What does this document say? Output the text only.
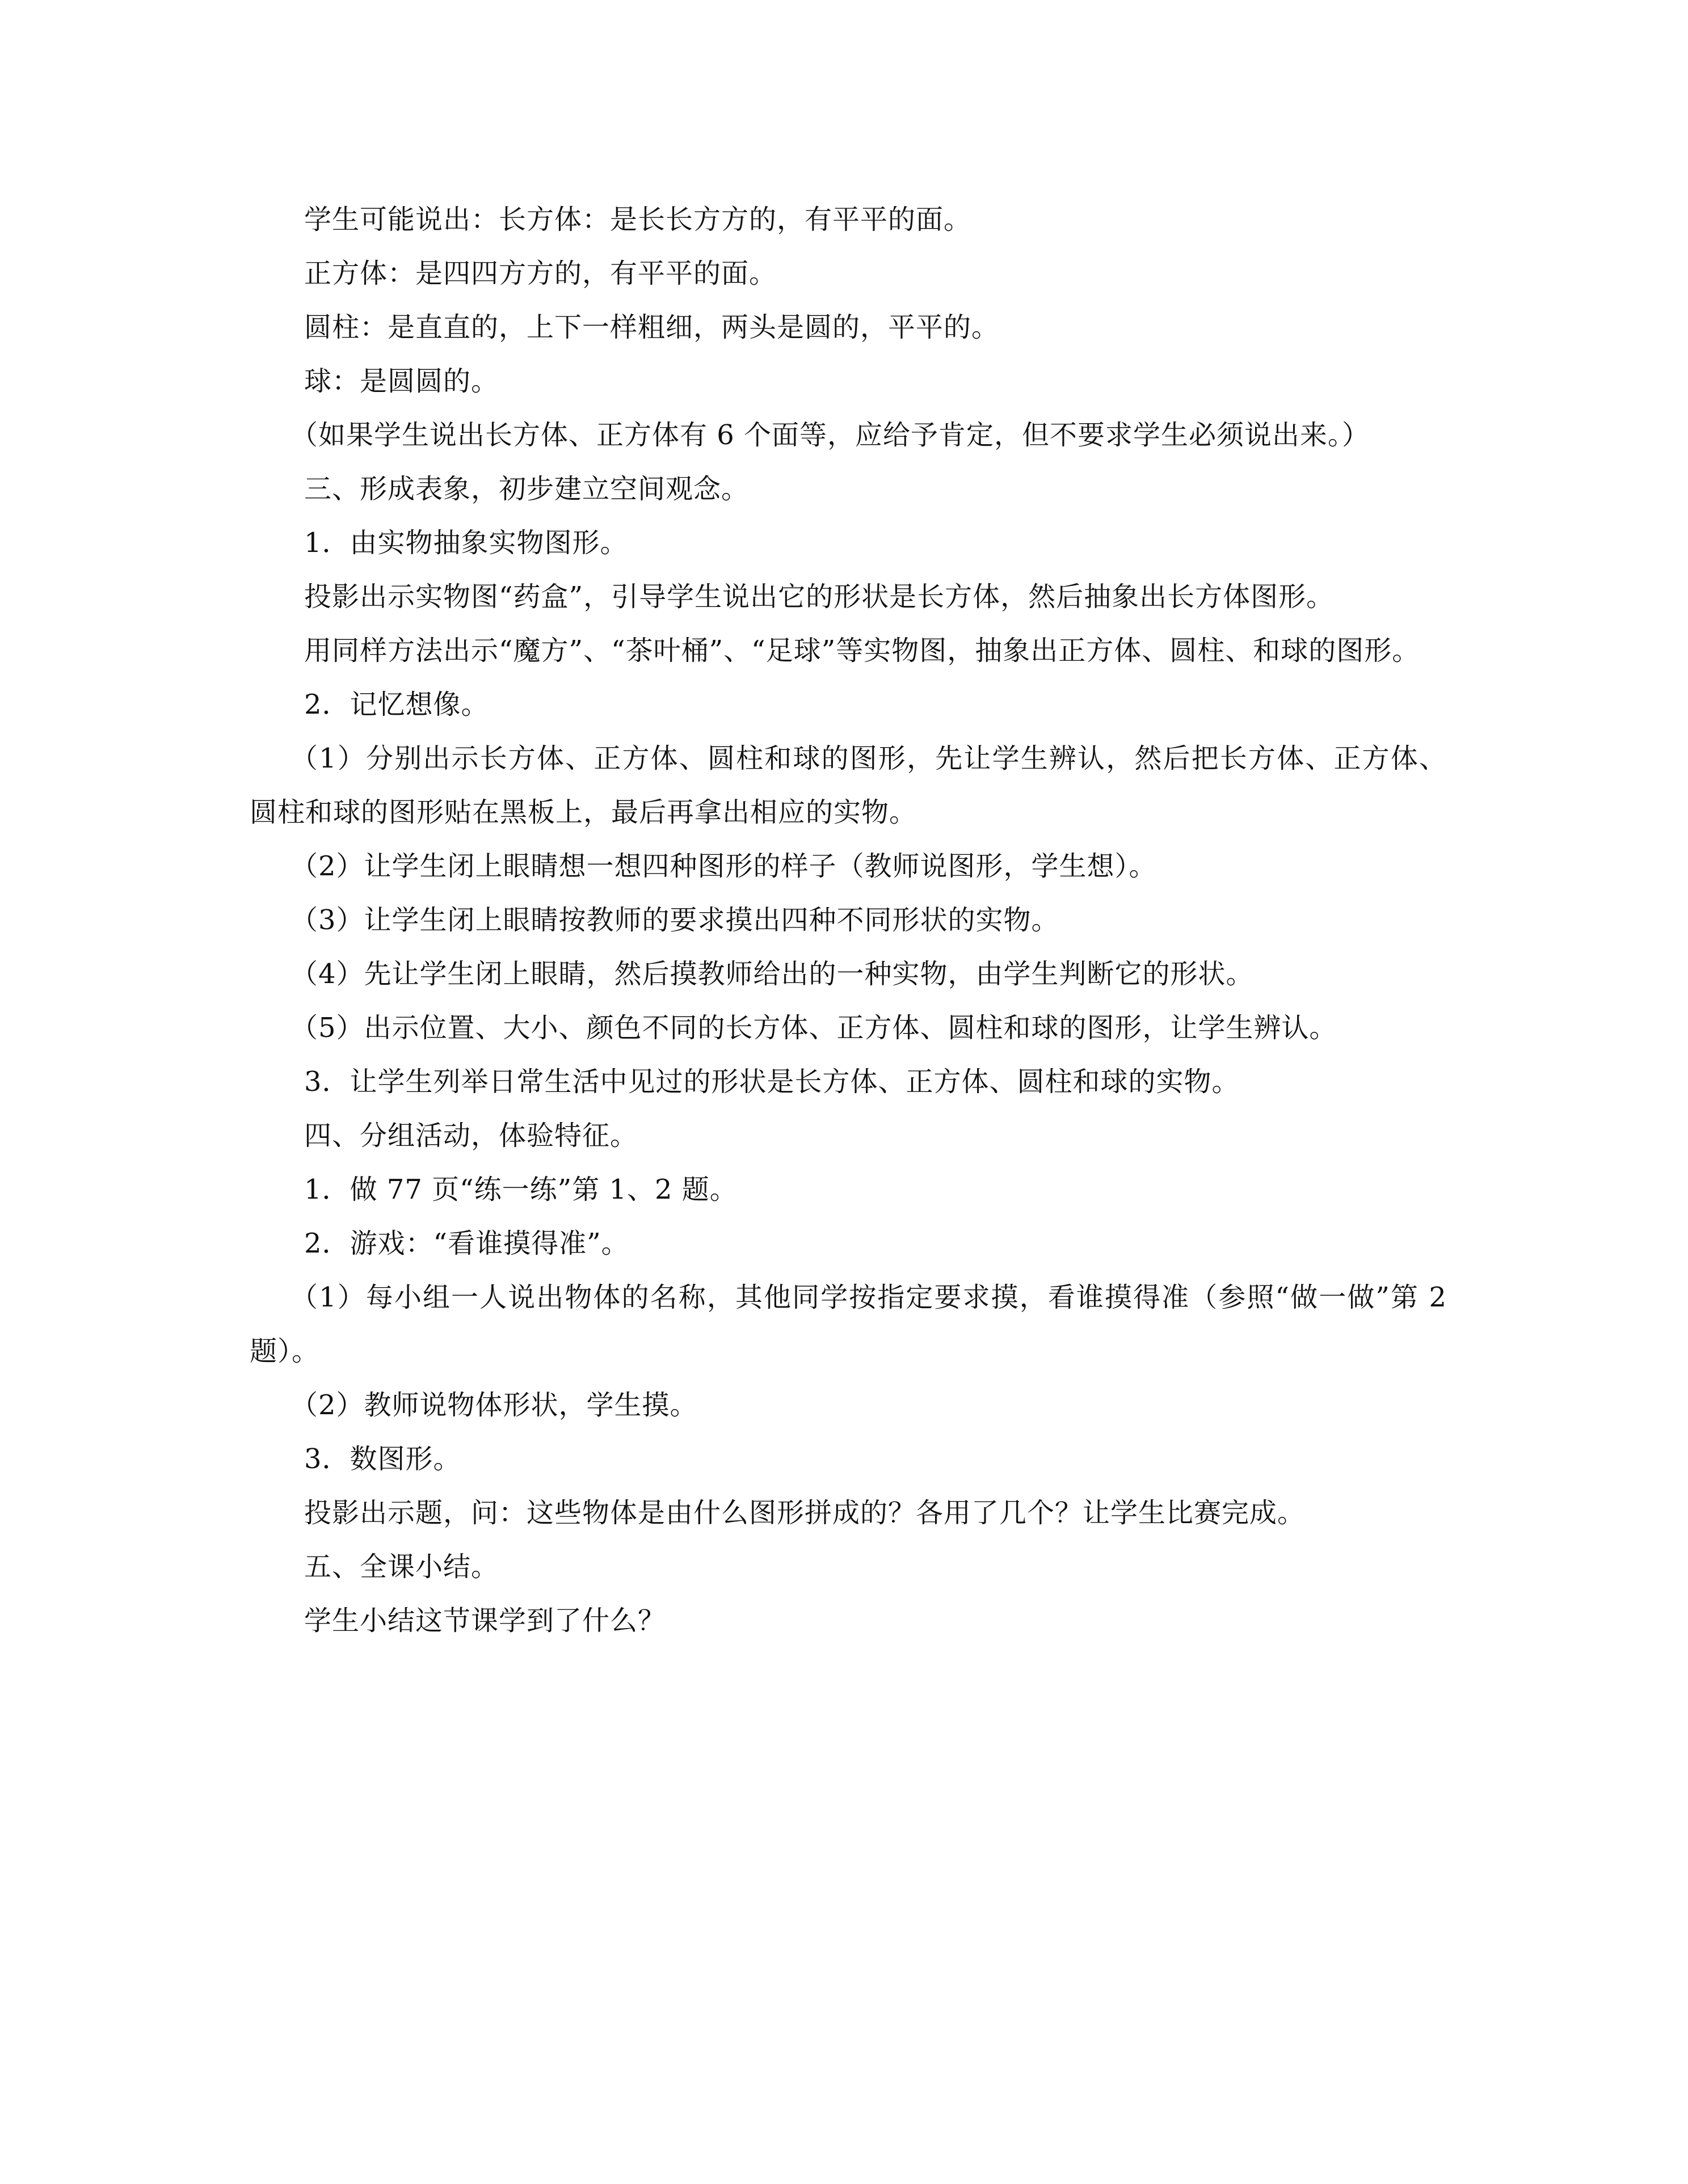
学生可能说出：长方体：是长长方方的，有平平的面。

正方体：是四四方方的，有平平的面。

圆柱：是直直的，上下一样粗细，两头是圆的，平平的。

球：是圆圆的。

（如果学生说出长方体、正方体有 6 个面等，应给予肯定，但不要求学生必须说出来。）

三、形成表象，初步建立空间观念。

1．由实物抽象实物图形。

投影出示实物图“药盒”，引导学生说出它的形状是长方体，然后抽象出长方体图形。

用同样方法出示“魔方”、“茶叶桶”、“足球”等实物图，抽象出正方体、圆柱、和球的图形。

2．记忆想像。

（1）分别出示长方体、正方体、圆柱和球的图形，先让学生辨认，然后把长方体、正方体、圆柱和球的图形贴在黑板上，最后再拿出相应的实物。

（2）让学生闭上眼睛想一想四种图形的样子（教师说图形，学生想）。

（3）让学生闭上眼睛按教师的要求摸出四种不同形状的实物。

（4）先让学生闭上眼睛，然后摸教师给出的一种实物，由学生判断它的形状。

（5）出示位置、大小、颜色不同的长方体、正方体、圆柱和球的图形，让学生辨认。

3．让学生列举日常生活中见过的形状是长方体、正方体、圆柱和球的实物。

四、分组活动，体验特征。

1．做 77 页“练一练”第 1、2 题。

2．游戏：“看谁摸得准”。

（1）每小组一人说出物体的名称，其他同学按指定要求摸，看谁摸得准（参照“做一做”第 2 题）。

（2）教师说物体形状，学生摸。

3．数图形。

投影出示题，问：这些物体是由什么图形拼成的？各用了几个？让学生比赛完成。

五、全课小结。

学生小结这节课学到了什么？
